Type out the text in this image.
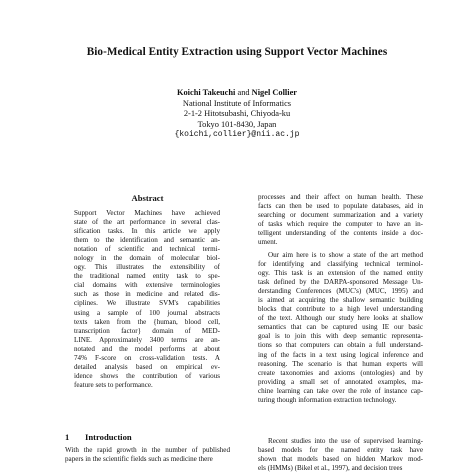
Bio-Medical Entity Extraction using Support Vector Machines
Koichi Takeuchi and Nigel Collier
National Institute of Informatics
2-1-2 Hitotsubashi, Chiyoda-ku
Tokyo 101-8430, Japan
{koichi,collier}@nii.ac.jp
Abstract
Support Vector Machines have achieved
state of the art performance in several clas-
sification tasks. In this article we apply
them to the identification and semantic an-
notation of scientific and technical termi-
nology in the domain of molecular biol-
ogy. This illustrates the extensibility of
the traditional named entity task to spe-
cial domains with extensive terminologies
such as those in medicine and related dis-
ciplines. We illustrate SVM's capabilities
using a sample of 100 journal abstracts
texts taken from the {human, blood cell,
transcription factor} domain of MED-
LINE. Approximately 3400 terms are an-
notated and the model performs at about
74% F-score on cross-validation tests. A
detailed analysis based on empirical ev-
idence shows the contribution of various
feature sets to performance.
1 Introduction
With the rapid growth in the number of published
papers in the scientific fields such as medicine there
processes and their affect on human health. These
facts can then be used to populate databases, aid in
searching or document summarization and a variety
of tasks which require the computer to have an in-
telligent understanding of the contents inside a doc-
ument.
Our aim here is to show a state of the art method
for identifying and classifying technical terminol-
ogy. This task is an extension of the named entity
task defined by the DARPA-sponsored Message Un-
derstanding Conferences (MUC's) (MUC, 1995) and
is aimed at acquiring the shallow semantic building
blocks that contribute to a high level understanding
of the text. Although our study here looks at shallow
semantics that can be captured using IE our basic
goal is to join this with deep semantic representa-
tions so that computers can obtain a full understand-
ing of the facts in a text using logical inference and
reasoning. The scenario is that human experts will
create taxonomies and axioms (ontologies) and by
providing a small set of annotated examples, ma-
chine learning can take over the role of instance cap-
turing though information extraction technology.
Recent studies into the use of supervised learning-
based models for the named entity task have
shown that models based on hidden Markov mod-
els (HMMs) (Bikel et al., 1997), and decision trees
